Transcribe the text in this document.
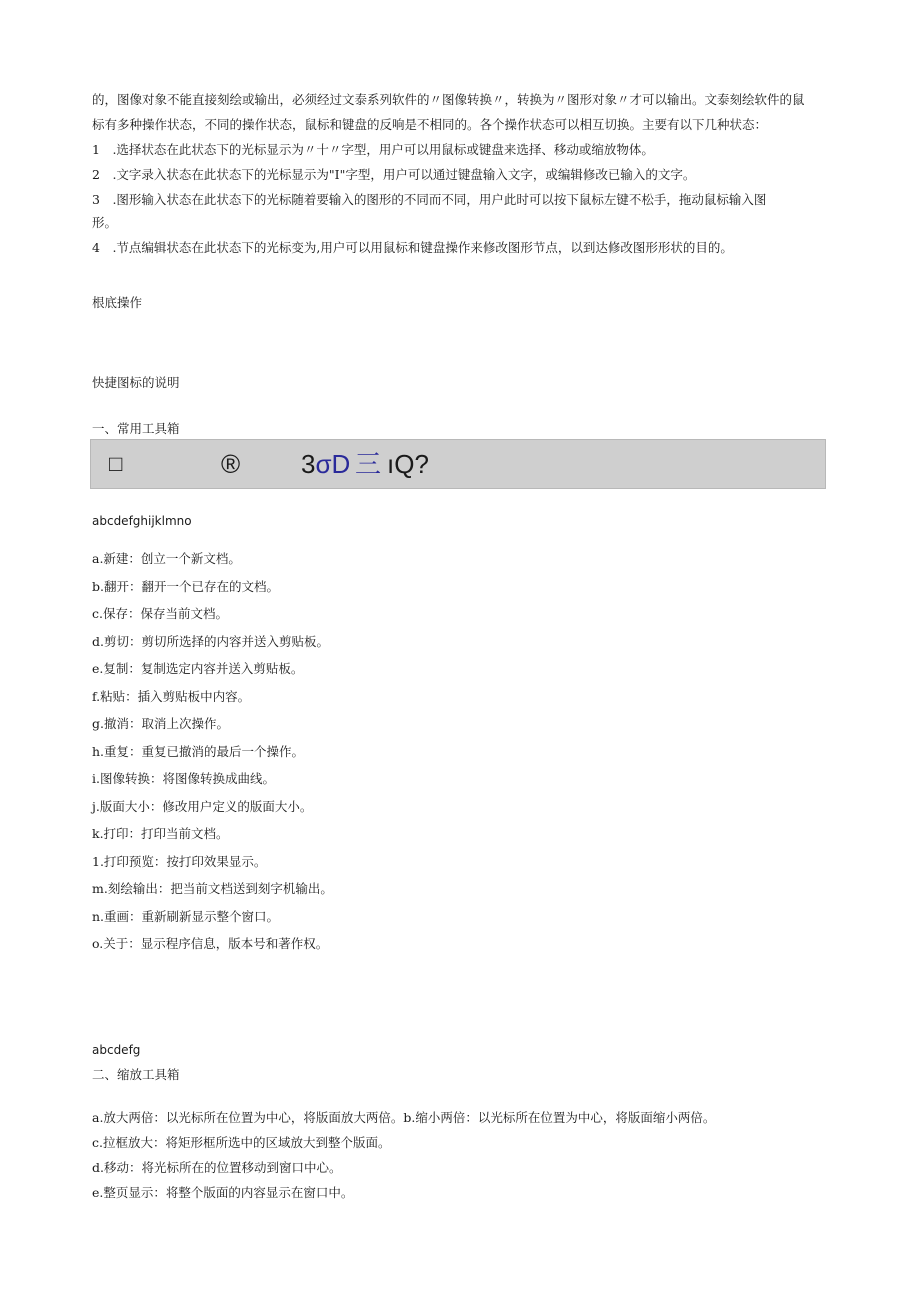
的，图像对象不能直接刻绘或输出，必须经过文泰系列软件的〃图像转换〃，转换为〃图形对象〃才可以输出。文泰刻绘软件的鼠
标有多种操作状态，不同的操作状态，鼠标和键盘的反响是不相同的。各个操作状态可以相互切换。主要有以下几种状态：
1　.选择状态在此状态下的光标显示为〃十〃字型，用户可以用鼠标或键盘来选择、移动或缩放物体。
2　.文字录入状态在此状态下的光标显示为"I"字型，用户可以通过键盘输入文字，或编辑修改已输入的文字。
3　.图形输入状态在此状态下的光标随着要输入的图形的不同而不同，用户此时可以按下鼠标左键不松手，拖动鼠标输入图
形。
4　.节点编辑状态在此状态下的光标变为,用户可以用鼠标和键盘操作来修改图形节点，以到达修改图形形状的目的。
根底操作
快捷图标的说明
一、常用工具箱
□	® 3σD 三 ıQ?
abcdefghijklmno
a.新建：创立一个新文档。
b.翻开：翻开一个已存在的文档。
c.保存：保存当前文档。
d.剪切：剪切所选择的内容并送入剪贴板。
e.复制：复制选定内容并送入剪贴板。
f.粘贴：插入剪贴板中内容。
g.撤消：取消上次操作。
h.重复：重复已撤消的最后一个操作。
i.图像转换：将图像转换成曲线。
j.版面大小：修改用户定义的版面大小。
k.打印：打印当前文档。
1.打印预览：按打印效果显示。
m.刻绘输出：把当前文档送到刻字机输出。
n.重画：重新刷新显示整个窗口。
o.关于：显示程序信息，版本号和著作权。
abcdefg
二、缩放工具箱
a.放大两倍：以光标所在位置为中心，将版面放大两倍。b.缩小两倍：以光标所在位置为中心，将版面缩小两倍。
c.拉框放大：将矩形框所选中的区域放大到整个版面。
d.移动：将光标所在的位置移动到窗口中心。
e.整页显示：将整个版面的内容显示在窗口中。
